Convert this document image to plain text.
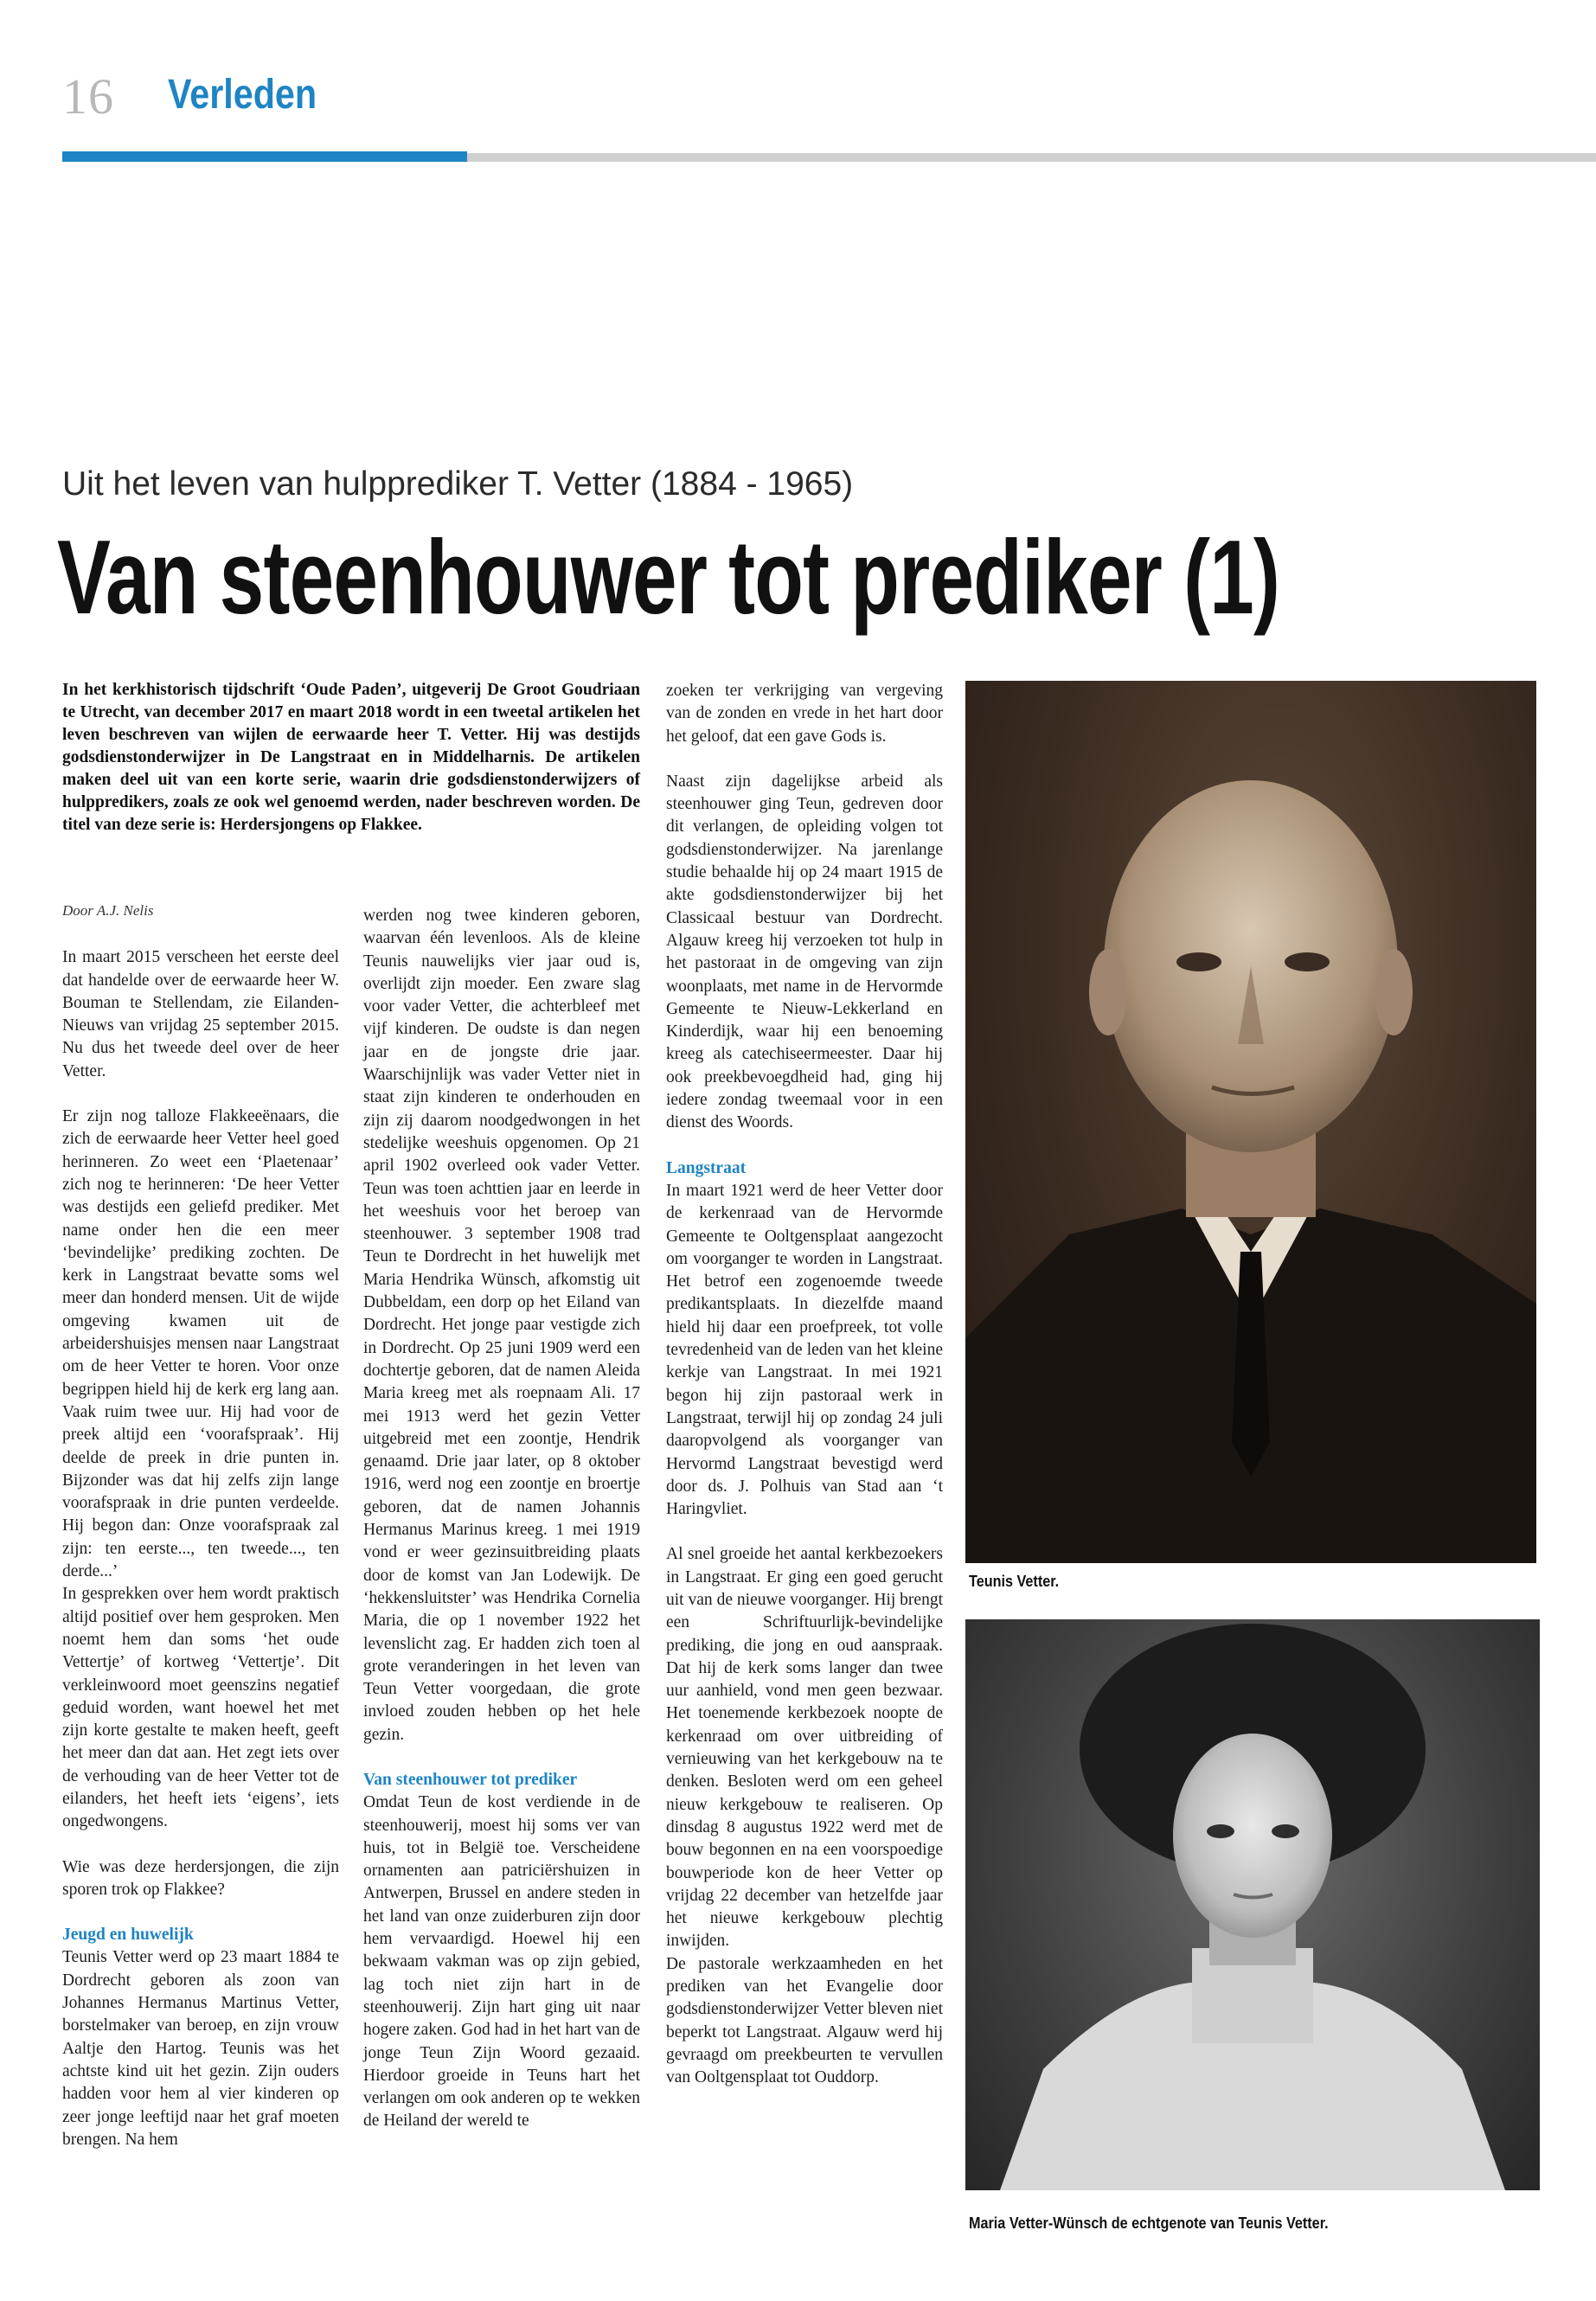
16 Verleden
Uit het leven van hulpprediker T. Vetter (1884 - 1965)
Van steenhouwer tot prediker (1)
In het kerkhistorisch tijdschrift ‘Oude Paden’, uitgeverij De Groot Goudriaan te Utrecht, van december 2017 en maart 2018 wordt in een tweetal artikelen het leven beschreven van wijlen de eerwaarde heer T. Vetter. Hij was destijds godsdienstonderwijzer in De Langstraat en in Middelharnis. De artikelen maken deel uit van een korte serie, waarin drie godsdienstonderwijzers of hulppredikers, zoals ze ook wel genoemd werden, nader beschreven worden. De titel van deze serie is: Herdersjongens op Flakkee.

Door A.J. Nelis

In maart 2015 verscheen het eerste deel dat handelde over de eerwaarde heer W. Bouman te Stellendam, zie Eilanden-Nieuws van vrijdag 25 september 2015. Nu dus het tweede deel over de heer Vetter.

Er zijn nog talloze Flakkeeënaars, die zich de eerwaarde heer Vetter heel goed herinneren. Zo weet een ‘Plaetenaar’ zich nog te herinneren: ‘De heer Vetter was destijds een geliefd prediker. Met name onder hen die een meer ‘bevindelijke’ prediking zochten. De kerk in Langstraat bevatte soms wel meer dan honderd mensen. Uit de wijde omgeving kwamen uit de arbeidershuisjes mensen naar Langstraat om de heer Vetter te horen. Voor onze begrippen hield hij de kerk erg lang aan. Vaak ruim twee uur. Hij had voor de preek altijd een ‘voorafspraak’. Hij deelde de preek in drie punten in. Bijzonder was dat hij zelfs zijn lange voorafspraak in drie punten verdeelde. Hij begon dan: Onze voorafspraak zal zijn: ten eerste..., ten tweede..., ten derde...’

In gesprekken over hem wordt praktisch altijd positief over hem gesproken. Men noemt hem dan soms ‘het oude Vettertje’ of kortweg ‘Vettertje’. Dit verkleinwoord moet geenszins negatief geduid worden, want hoewel het met zijn korte gestalte te maken heeft, geeft het meer dan dat aan. Het zegt iets over de verhouding van de heer Vetter tot de eilanders, het heeft iets ‘eigens’, iets ongedwongens.

Wie was deze herdersjongen, die zijn sporen trok op Flakkee?

Jeugd en huwelijk

Teunis Vetter werd op 23 maart 1884 te Dordrecht geboren als zoon van Johannes Hermanus Martinus Vetter, borstelmaker van beroep, en zijn vrouw Aaltje den Hartog. Teunis was het achtste kind uit het gezin. Zijn ouders hadden voor hem al vier kinderen op zeer jonge leeftijd naar het graf moeten brengen. Na hem

werden nog twee kinderen geboren, waarvan één levenloos. Als de kleine Teunis nauwelijks vier jaar oud is, overlijdt zijn moeder. Een zware slag voor vader Vetter, die achterbleef met vijf kinderen. De oudste is dan negen jaar en de jongste drie jaar. Waarschijnlijk was vader Vetter niet in staat zijn kinderen te onderhouden en zijn zij daarom noodgedwongen in het stedelijke weeshuis opgenomen. Op 21 april 1902 overleed ook vader Vetter. Teun was toen achttien jaar en leerde in het weeshuis voor het beroep van steenhouwer. 3 september 1908 trad Teun te Dordrecht in het huwelijk met Maria Hendrika Wünsch, afkomstig uit Dubbeldam, een dorp op het Eiland van Dordrecht. Het jonge paar vestigde zich in Dordrecht. Op 25 juni 1909 werd een dochtertje geboren, dat de namen Aleida Maria kreeg met als roepnaam Ali. 17 mei 1913 werd het gezin Vetter uitgebreid met een zoontje, Hendrik genaamd. Drie jaar later, op 8 oktober 1916, werd nog een zoontje en broertje geboren, dat de namen Johannis Hermanus Marinus kreeg. 1 mei 1919 vond er weer gezinsuitbreiding plaats door de komst van Jan Lodewijk. De ‘hekkensluitster’ was Hendrika Cornelia Maria, die op 1 november 1922 het levenslicht zag. Er hadden zich toen al grote veranderingen in het leven van Teun Vetter voorgedaan, die grote invloed zouden hebben op het hele gezin.

Van steenhouwer tot prediker

Omdat Teun de kost verdiende in de steenhouwerij, moest hij soms ver van huis, tot in België toe. Verscheidene ornamenten aan patriciërshuizen in Antwerpen, Brussel en andere steden in het land van onze zuiderburen zijn door hem vervaardigd. Hoewel hij een bekwaam vakman was op zijn gebied, lag toch niet zijn hart in de steenhouwerij. Zijn hart ging uit naar hogere zaken. God had in het hart van de jonge Teun Zijn Woord gezaaid. Hierdoor groeide in Teuns hart het verlangen om ook anderen op te wekken de Heiland der wereld te

zoeken ter verkrijging van vergeving van de zonden en vrede in het hart door het geloof, dat een gave Gods is.

Naast zijn dagelijkse arbeid als steenhouwer ging Teun, gedreven door dit verlangen, de opleiding volgen tot godsdienstonderwijzer. Na jarenlange studie behaalde hij op 24 maart 1915 de akte godsdienstonderwijzer bij het Classicaal bestuur van Dordrecht. Algauw kreeg hij verzoeken tot hulp in het pastoraat in de omgeving van zijn woonplaats, met name in de Hervormde Gemeente te Nieuw-Lekkerland en Kinderdijk, waar hij een benoeming kreeg als catechiseermeester. Daar hij ook preekbevoegdheid had, ging hij iedere zondag tweemaal voor in een dienst des Woords.

Langstraat

In maart 1921 werd de heer Vetter door de kerkenraad van de Hervormde Gemeente te Ooltgensplaat aangezocht om voorganger te worden in Langstraat. Het betrof een zogenoemde tweede predikantsplaats. In diezelfde maand hield hij daar een proefpreek, tot volle tevredenheid van de leden van het kleine kerkje van Langstraat. In mei 1921 begon hij zijn pastoraal werk in Langstraat, terwijl hij op zondag 24 juli daaropvolgend als voorganger van Hervormd Langstraat bevestigd werd door ds. J. Polhuis van Stad aan ‘t Haringvliet.

Al snel groeide het aantal kerkbezoekers in Langstraat. Er ging een goed gerucht uit van de nieuwe voorganger. Hij brengt een Schriftuurlijk-bevindelijke prediking, die jong en oud aanspraak. Dat hij de kerk soms langer dan twee uur aanhield, vond men geen bezwaar. Het toenemende kerkbezoek noopte de kerkenraad om over uitbreiding of vernieuwing van het kerkgebouw na te denken. Besloten werd om een geheel nieuw kerkgebouw te realiseren. Op dinsdag 8 augustus 1922 werd met de bouw begonnen en na een voorspoedige bouwperiode kon de heer Vetter op vrijdag 22 december van hetzelfde jaar het nieuwe kerkgebouw plechtig inwijden.

De pastorale werkzaamheden en het prediken van het Evangelie door godsdienstonderwijzer Vetter bleven niet beperkt tot Langstraat. Algauw werd hij gevraagd om preekbeurten te vervullen van Ooltgensplaat tot Ouddorp.

Teunis Vetter.
Maria Vetter-Wünsch de echtgenote van Teunis Vetter.
